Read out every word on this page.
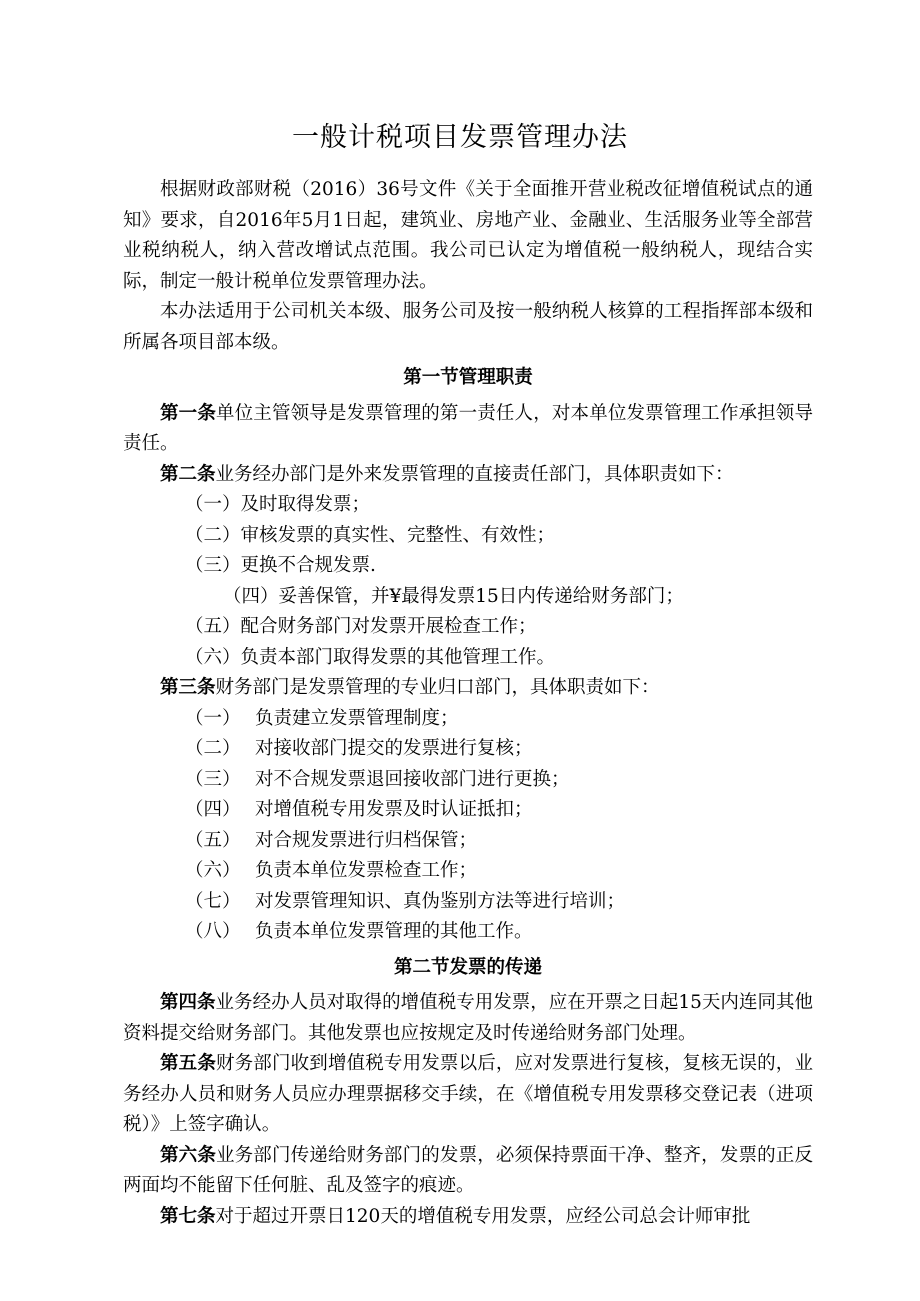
一般计税项目发票管理办法

根据财政部财税（2016）36号文件《关于全面推开营业税改征增值税试点的通知》要求，自2016年5月1日起，建筑业、房地产业、金融业、生活服务业等全部营业税纳税人，纳入营改增试点范围。我公司已认定为增值税一般纳税人，现结合实际，制定一般计税单位发票管理办法。

本办法适用于公司机关本级、服务公司及按一般纳税人核算的工程指挥部本级和所属各项目部本级。

第一节管理职责

第一条单位主管领导是发票管理的第一责任人，对本单位发票管理工作承担领导责任。

第二条业务经办部门是外来发票管理的直接责任部门，具体职责如下：

（一）及时取得发票；

（二）审核发票的真实性、完整性、有效性；

（三）更换不合规发票.

（四）妥善保管，并¥最得发票15日内传递给财务部门；

（五）配合财务部门对发票开展检查工作；

（六）负责本部门取得发票的其他管理工作。

第三条财务部门是发票管理的专业归口部门，具体职责如下：

（一） 负责建立发票管理制度；

（二） 对接收部门提交的发票进行复核；

（三） 对不合规发票退回接收部门进行更换；

（四） 对增值税专用发票及时认证抵扣；

（五） 对合规发票进行归档保管；

（六） 负责本单位发票检查工作；

（七） 对发票管理知识、真伪鉴别方法等进行培训；

（八） 负责本单位发票管理的其他工作。

第二节发票的传递

第四条业务经办人员对取得的增值税专用发票，应在开票之日起15天内连同其他资料提交给财务部门。其他发票也应按规定及时传递给财务部门处理。

第五条财务部门收到增值税专用发票以后，应对发票进行复核，复核无误的，业务经办人员和财务人员应办理票据移交手续，在《增值税专用发票移交登记表（进项税）》上签字确认。

第六条业务部门传递给财务部门的发票，必须保持票面干净、整齐，发票的正反两面均不能留下任何脏、乱及签字的痕迹。

第七条对于超过开票日120天的增值税专用发票，应经公司总会计师审批
